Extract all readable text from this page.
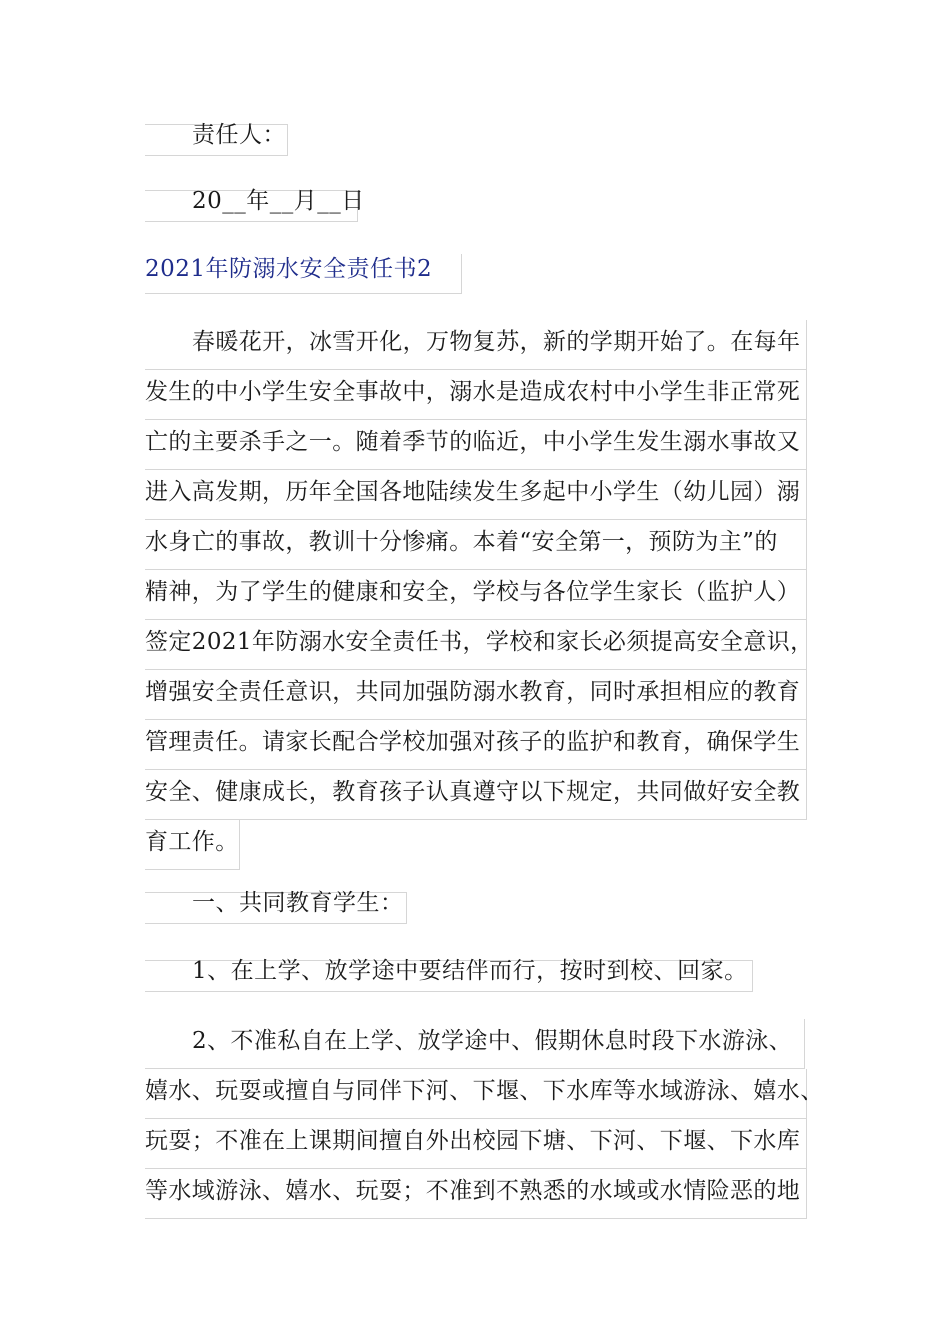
责任人：
20__年__月__日
2021年防溺水安全责任书2
春暖花开，冰雪开化，万物复苏，新的学期开始了。在每年
发生的中小学生安全事故中，溺水是造成农村中小学生非正常死
亡的主要杀手之一。随着季节的临近，中小学生发生溺水事故又
进入高发期，历年全国各地陆续发生多起中小学生（幼儿园）溺
水身亡的事故，教训十分惨痛。本着“安全第一，预防为主”的
精神，为了学生的健康和安全，学校与各位学生家长（监护人）
签定2021年防溺水安全责任书，学校和家长必须提高安全意识，
增强安全责任意识，共同加强防溺水教育，同时承担相应的教育
管理责任。请家长配合学校加强对孩子的监护和教育，确保学生
安全、健康成长，教育孩子认真遵守以下规定，共同做好安全教
育工作。
一、共同教育学生：
1、在上学、放学途中要结伴而行，按时到校、回家。
2、不准私自在上学、放学途中、假期休息时段下水游泳、
嬉水、玩耍或擅自与同伴下河、下堰、下水库等水域游泳、嬉水、
玩耍；不准在上课期间擅自外出校园下塘、下河、下堰、下水库
等水域游泳、嬉水、玩耍；不准到不熟悉的水域或水情险恶的地
